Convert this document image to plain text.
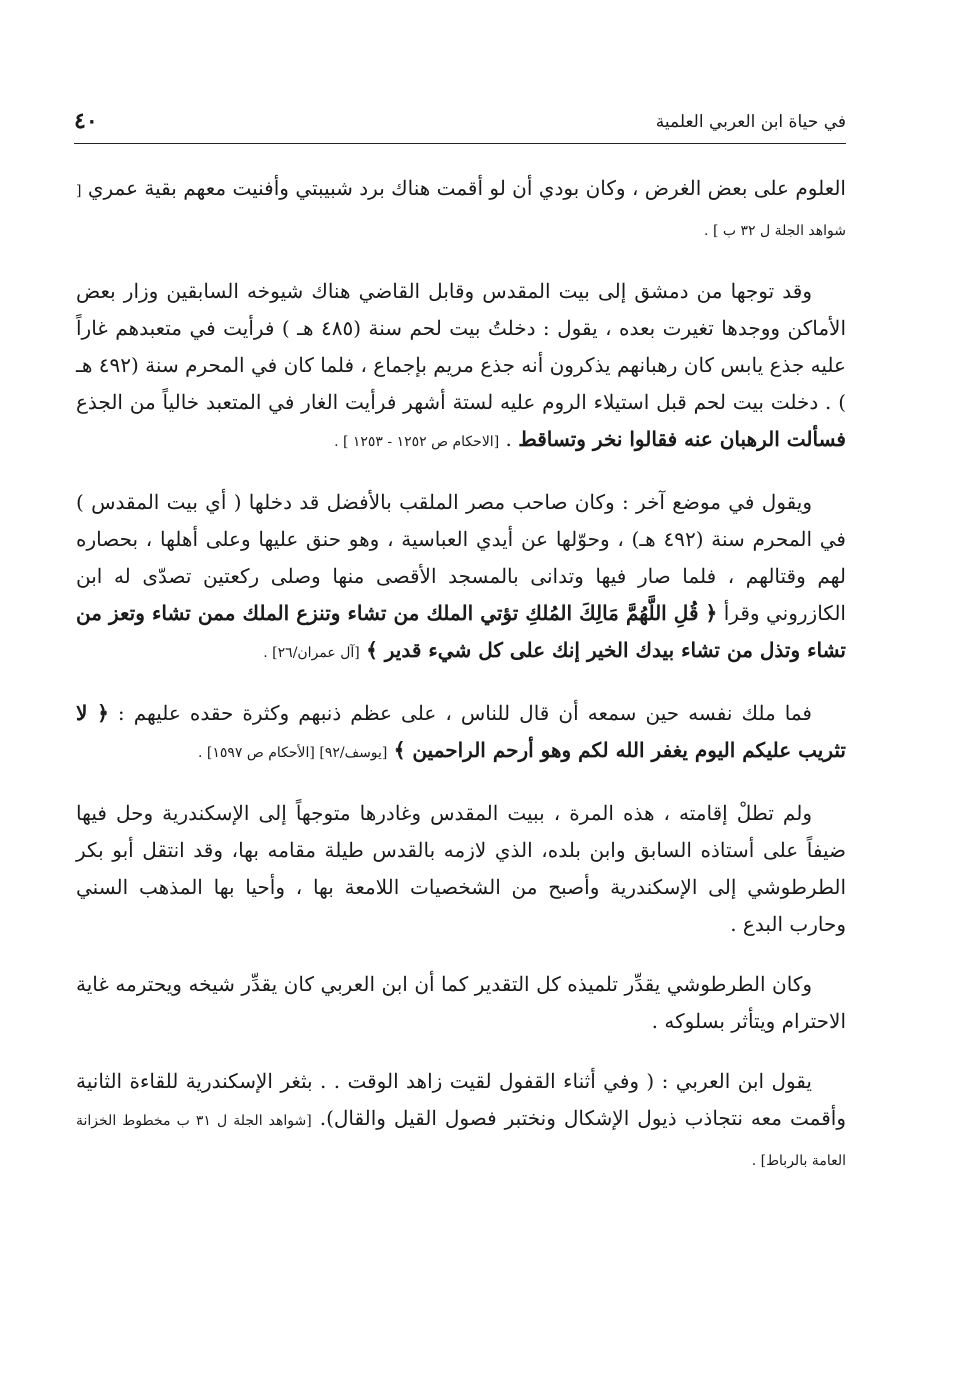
في حياة ابن العربي العلمية
٤٠

العلوم على بعض الغرض ، وكان بودي أن لو أقمت هناك برد شبيبتي وأفنيت معهم بقية عمري [ شواهد الجلة ل ٣٢ ب ] .

وقد توجها من دمشق إلى بيت المقدس وقابل القاضي هناك شيوخه السابقين وزار بعض الأماكن ووجدها تغيرت بعده ، يقول : دخلتُ بيت لحم سنة (٤٨٥ هـ ) فرأيت في متعبدهم غاراً عليه جذع يابس كان رهبانهم يذكرون أنه جذع مريم بإجماع ، فلما كان في المحرم سنة (٤٩٢ هـ ) . دخلت بيت لحم قبل استيلاء الروم عليه لستة أشهر فرأيت الغار في المتعبد خالياً من الجذع فسألت الرهبان عنه فقالوا نخر وتساقط . [الاحكام ص ١٢٥٢ - ١٢٥٣ ] .

ويقول في موضع آخر : وكان صاحب مصر الملقب بالأفضل قد دخلها ( أي بيت المقدس ) في المحرم سنة (٤٩٢ هـ) ، وحوّلها عن أيدي العباسية ، وهو حنق عليها وعلى أهلها ، بحصاره لهم وقتالهم ، فلما صار فيها وتدانى بالمسجد الأقصى منها وصلى ركعتين تصدّى له ابن الكازروني وقرأ ﴿ قُلِ اللَّهُمَّ مَالِكَ المُلكِ تؤتي الملك من تشاء وتنزع الملك ممن تشاء وتعز من تشاء وتذل من تشاء بيدك الخير إنك على كل شيء قدير ﴾ [آل عمران/٢٦] .

فما ملك نفسه حين سمعه أن قال للناس ، على عظم ذنبهم وكثرة حقده عليهم : ﴿ لا تثريب عليكم اليوم يغفر الله لكم وهو أرحم الراحمين ﴾ [يوسف/٩٢] [الأحكام ص ١٥٩٧] .

ولم تطلْ إقامته ، هذه المرة ، ببيت المقدس وغادرها متوجهاً إلى الإسكندرية وحل فيها ضيفاً على أستاذه السابق وابن بلده، الذي لازمه بالقدس طيلة مقامه بها، وقد انتقل أبو بكر الطرطوشي إلى الإسكندرية وأصبح من الشخصيات اللامعة بها ، وأحيا بها المذهب السني وحارب البدع .

وكان الطرطوشي يقدِّر تلميذه كل التقدير كما أن ابن العربي كان يقدِّر شيخه ويحترمه غاية الاحترام ويتأثر بسلوكه .

يقول ابن العربي : ( وفي أثناء القفول لقيت زاهد الوقت . . بثغر الإسكندرية للقاءة الثانية وأقمت معه نتجاذب ذيول الإشكال ونختبر فصول القيل والقال). [شواهد الجلة ل ٣١ ب مخطوط الخزانة العامة بالرباط] .
